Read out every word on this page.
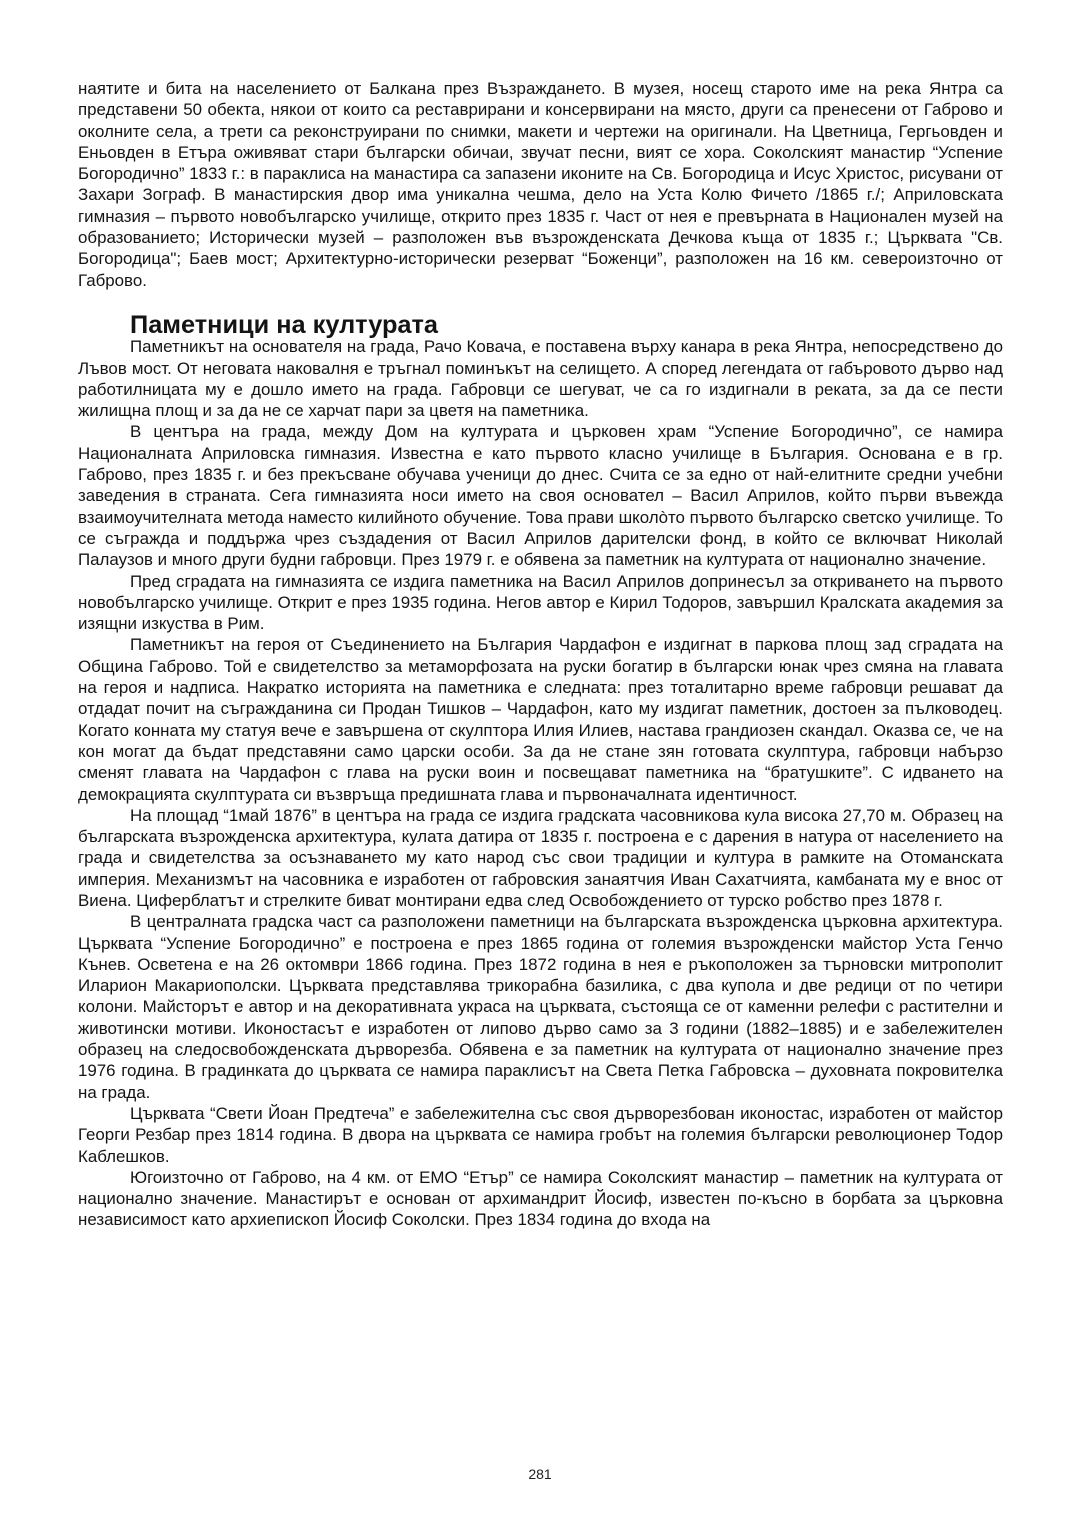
наятите и бита на населението от Балкана през Възраждането. В музея, носещ старото име на река Янтра са представени 50 обекта, някои от които са реставрирани и консервирани на място, други са пренесени от Габрово и околните села, а трети са реконструирани по снимки, макети и чертежи на оригинали. На Цветница, Гергьовден и Еньовден в Етъра оживяват стари български обичаи, звучат песни, вият се хора. Соколският манастир “Успение Богородично” 1833 г.: в параклиса на манастира са запазени иконите на Св. Богородица и Исус Христос, рисувани от Захари Зограф. В манастирския двор има уникална чешма, дело на Уста Колю Фичето /1865 г./; Априловската гимназия – първото новобългарско училище, открито през 1835 г. Част от нея е превърната в Национален музей на образованието; Исторически музей – разположен във възрожденската Дечкова къща от 1835 г.; Църквата "Св. Богородица"; Баев мост; Архитектурно-исторически резерват “Боженци”, разположен на 16 км. североизточно от Габрово.

Паметници на културата

Паметникът на основателя на града, Рачо Ковача, е поставена върху канара в река Янтра, непосредствено до Лъвов мост. От неговата наковалня е тръгнал поминъкът на селището. А според легендата от габъровото дърво над работилницата му е дошло името на града. Габровци се шегуват, че са го издигнали в реката, за да се пести жилищна площ и за да не се харчат пари за цветя на паметника.

В центъра на града, между Дом на културата и църковен храм “Успение Богородично”, се намира Националната Априловска гимназия. Известна е като първото класно училище в България. Основана е в гр. Габрово, през 1835 г. и без прекъсване обучава ученици до днес. Счита се за едно от най-елитните средни учебни заведения в страната. Сега гимназията носи името на своя основател – Васил Априлов, който първи въвежда взаимоучителната метода наместо килийното обучение. Това прави школòто първото българско светско училище. То се съгражда и поддържа чрез създадения от Васил Априлов дарителски фонд, в който се включват Николай Палаузов и много други будни габровци. През 1979 г. е обявена за паметник на културата от национално значение.

Пред сградата на гимназията се издига паметника на Васил Априлов допринесъл за откриването на първото новобългарско училище. Открит е през 1935 година. Негов автор е Кирил Тодоров, завършил Кралската академия за изящни изкуства в Рим.

Паметникът на героя от Съединението на България Чардафон е издигнат в паркова площ зад сградата на Община Габрово. Той е свидетелство за метаморфозата на руски богатир в български юнак чрез смяна на главата на героя и надписа. Накратко историята на паметника е следната: през тоталитарно време габровци решават да отдадат почит на съгражданина си Продан Тишков – Чардафон, като му издигат паметник, достоен за пълководец. Когато конната му статуя вече е завършена от скулптора Илия Илиев, настава грандиозен скандал. Оказва се, че на кон могат да бъдат представяни само царски особи. За да не стане зян готовата скулптура, габровци набързо сменят главата на Чардафон с глава на руски воин и посвещават паметника на “братушките”. С идването на демокрацията скулптурата си възвръща предишната глава и първоначалната идентичност.

На площад “1май 1876” в центъра на града се издига градската часовникова кула висока 27,70 м. Образец на българската възрожденска архитектура, кулата датира от 1835 г. построена е с дарения в натура от населението на града и свидетелства за осъзнаването му като народ със свои традиции и култура в рамките на Отоманската империя. Механизмът на часовника е изработен от габровския занаятчия Иван Сахатчията, камбаната му е внос от Виена. Циферблатът и стрелките биват монтирани едва след Освобождението от турско робство през 1878 г.

В централната градска част са разположени паметници на българската възрожденска църковна архитектура. Църквата “Успение Богородично” е построена е през 1865 година от големия възрожденски майстор Уста Генчо Кънев. Осветена е на 26 октомври 1866 година. През 1872 година в нея е ръкоположен за търновски митрополит Иларион Макариополски. Църквата представлява трикорабна базилика, с два купола и две редици от по четири колони. Майсторът е автор и на декоративната украса на църквата, състояща се от каменни релефи с растителни и животински мотиви. Иконостасът е изработен от липово дърво само за 3 години (1882–1885) и е забележителен образец на следосвобожденската дърворезба. Обявена е за паметник на културата от национално значение през 1976 година. В градинката до църквата се намира параклисът на Света Петка Габровска – духовната покровителка на града.

Църквата “Свети Йоан Предтеча” е забележителна със своя дърворезбован иконостас, изработен от майстор Георги Резбар през 1814 година. В двора на църквата се намира гробът на големия български революционер Тодор Каблешков.

Югоизточно от Габрово, на 4 км. от ЕМО “Етър” се намира Соколският манастир – паметник на културата от национално значение. Манастирът е основан от архимандрит Йосиф, известен по-късно в борбата за църковна независимост като архиепископ Йосиф Соколски. През 1834 година до входа на

281
